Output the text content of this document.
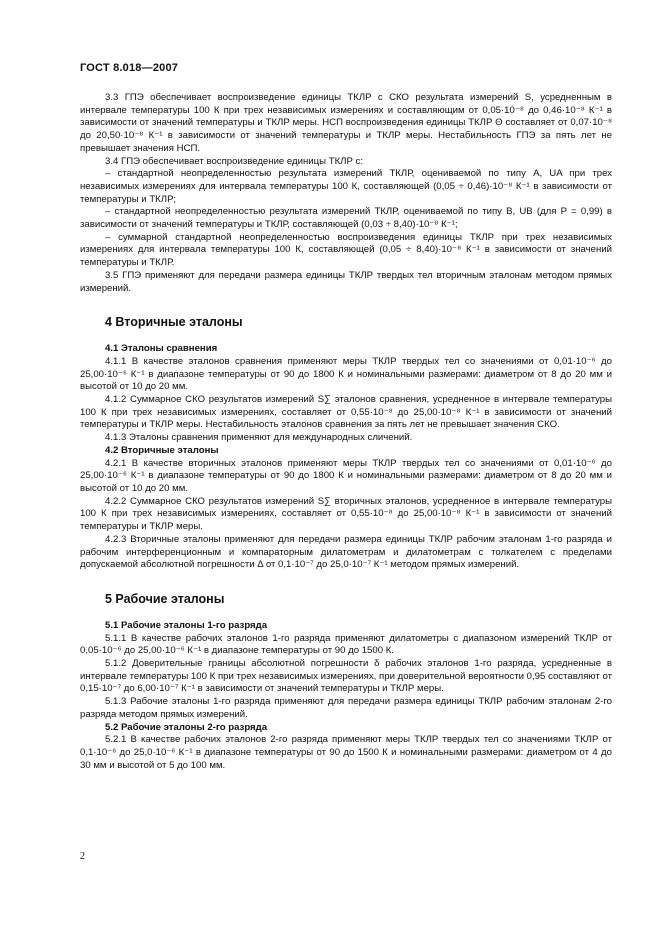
ГОСТ 8.018—2007

3.3 ГПЭ обеспечивает воспроизведение единицы ТКЛР с СКО результата измерений S, усредненным в интервале температуры 100 К при трех независимых измерениях и составляющим от 0,05·10⁻⁸ до 0,46·10⁻⁸ К⁻¹ в зависимости от значений температуры и ТКЛР меры. НСП воспроизведения единицы ТКЛР Θ составляет от 0,07·10⁻⁸ до 20,50·10⁻⁸ К⁻¹ в зависимости от значений температуры и ТКЛР меры. Нестабильность ГПЭ за пять лет не превышает значения НСП.

3.4 ГПЭ обеспечивает воспроизведение единицы ТКЛР с:

– стандартной неопределенностью результата измерений ТКЛР, оцениваемой по типу A, UA при трех независимых измерениях для интервала температуры 100 К, составляющей (0,05 ÷ 0,46)·10⁻⁸ К⁻¹ в зависимости от температуры и ТКЛР;

– стандартной неопределенностью результата измерений ТКЛР, оцениваемой по типу B, UB (для P = 0,99) в зависимости от значений температуры и ТКЛР, составляющей (0,03 ÷ 8,40)·10⁻⁸ К⁻¹;

– суммарной стандартной неопределенностью воспроизведения единицы ТКЛР при трех независимых измерениях для интервала температуры 100 К, составляющей (0,05 ÷ 8,40)·10⁻⁸ К⁻¹ в зависимости от значений температуры и ТКЛР.

3.5 ГПЭ применяют для передачи размера единицы ТКЛР твердых тел вторичным эталонам методом прямых измерений.

4 Вторичные эталоны

4.1 Эталоны сравнения

4.1.1 В качестве эталонов сравнения применяют меры ТКЛР твердых тел со значениями от 0,01·10⁻⁶ до 25,00·10⁻⁶ К⁻¹ в диапазоне температуры от 90 до 1800 К и номинальными размерами: диаметром от 8 до 20 мм и высотой от 10 до 20 мм.

4.1.2 Суммарное СКО результатов измерений S∑ эталонов сравнения, усредненное в интервале температуры 100 К при трех независимых измерениях, составляет от 0,55·10⁻⁸ до 25,00·10⁻⁸ К⁻¹ в зависимости от значений температуры и ТКЛР меры. Нестабильность эталонов сравнения за пять лет не превышает значения СКО.

4.1.3 Эталоны сравнения применяют для международных сличений.

4.2 Вторичные эталоны

4.2.1 В качестве вторичных эталонов применяют меры ТКЛР твердых тел со значениями от 0,01·10⁻⁶ до 25,00·10⁻⁶ К⁻¹ в диапазоне температуры от 90 до 1800 К и номинальными размерами: диаметром от 8 до 20 мм и высотой от 10 до 20 мм.

4.2.2 Суммарное СКО результатов измерений S∑ вторичных эталонов, усредненное в интервале температуры 100 К при трех независимых измерениях, составляет от 0,55·10⁻⁸ до 25,00·10⁻⁸ К⁻¹ в зависимости от значений температуры и ТКЛР меры.

4.2.3 Вторичные эталоны применяют для передачи размера единицы ТКЛР рабочим эталонам 1-го разряда и рабочим интерференционным и компараторным дилатометрам и дилатометрам с толкателем с пределами допускаемой абсолютной погрешности Δ от 0,1·10⁻⁷ до 25,0·10⁻⁷ К⁻¹ методом прямых измерений.

5 Рабочие эталоны

5.1 Рабочие эталоны 1-го разряда

5.1.1 В качестве рабочих эталонов 1-го разряда применяют дилатометры с диапазоном измерений ТКЛР от 0,05·10⁻⁶ до 25,00·10⁻⁶ К⁻¹ в диапазоне температуры от 90 до 1500 К.

5.1.2 Доверительные границы абсолютной погрешности δ рабочих эталонов 1-го разряда, усредненные в интервале температуры 100 К при трех независимых измерениях, при доверительной вероятности 0,95 составляют от 0,15·10⁻⁷ до 6,00·10⁻⁷ К⁻¹ в зависимости от значений температуры и ТКЛР меры.

5.1.3 Рабочие эталоны 1-го разряда применяют для передачи размера единицы ТКЛР рабочим эталонам 2-го разряда методом прямых измерений.

5.2 Рабочие эталоны 2-го разряда

5.2.1 В качестве рабочих эталонов 2-го разряда применяют меры ТКЛР твердых тел со значениями ТКЛР от 0,1·10⁻⁶ до 25,0·10⁻⁶ К⁻¹ в диапазоне температуры от 90 до 1500 К и номинальными размерами: диаметром от 4 до 30 мм и высотой от 5 до 100 мм.

2
